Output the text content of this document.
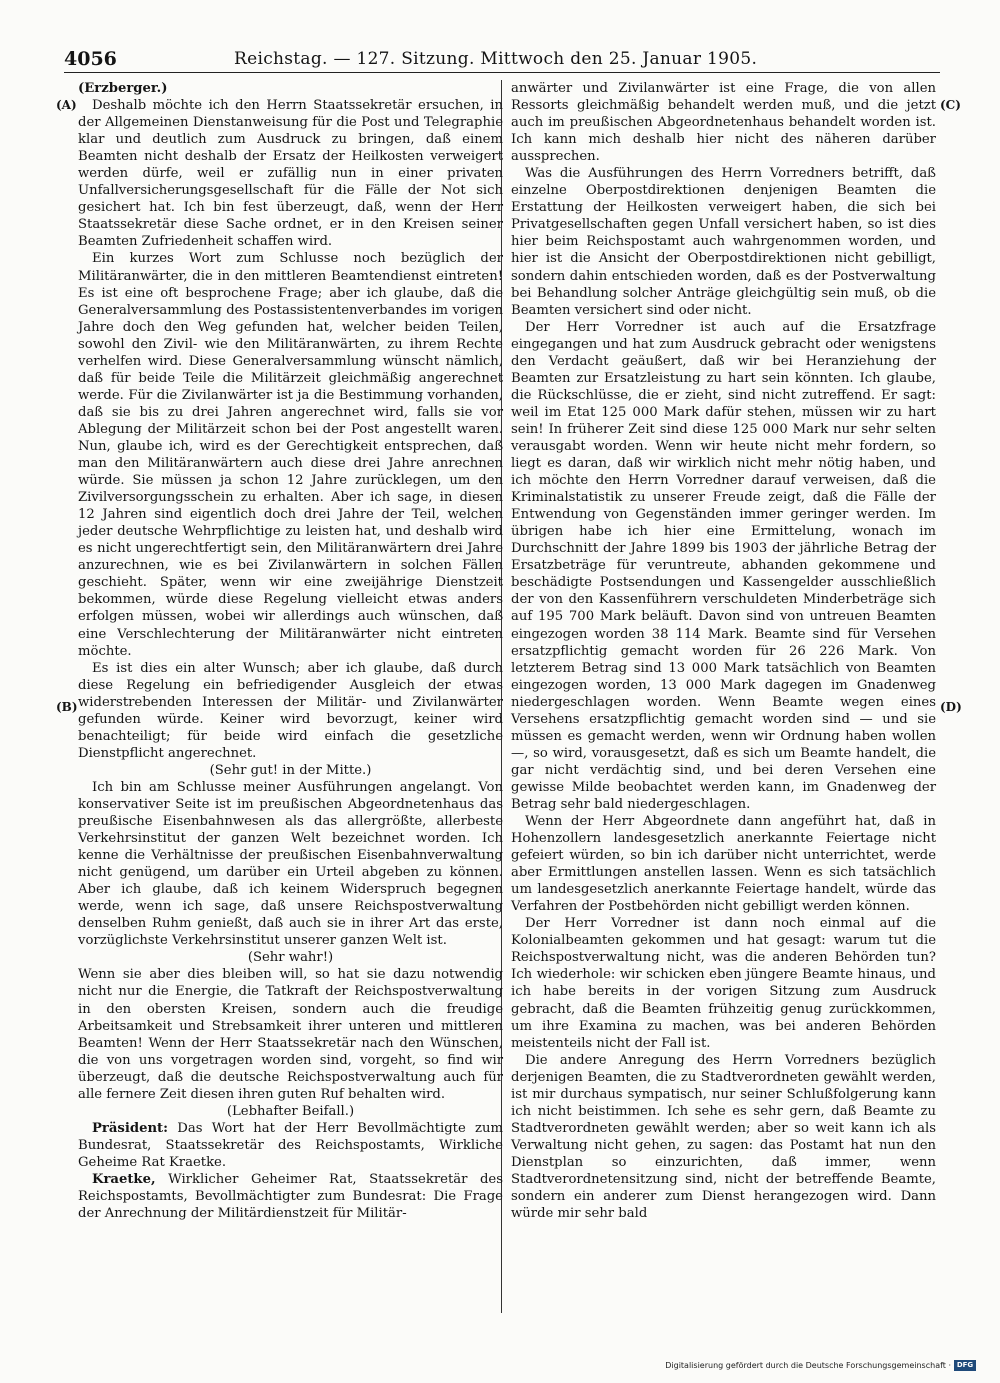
4056	Reichstag. — 127. Sitzung. Mittwoch den 25. Januar 1905.
(A)
(B)
(C)
(D)

(Erzberger.)

Deshalb möchte ich den Herrn Staatssekretär ersuchen, in der Allgemeinen Dienstanweisung für die Post und Telegraphie klar und deutlich zum Ausdruck zu bringen, daß einem Beamten nicht deshalb der Ersatz der Heilkosten verweigert werden dürfe, weil er zufällig nun in einer privaten Unfallversicherungsgesellschaft für die Fälle der Not sich gesichert hat. Ich bin fest überzeugt, daß, wenn der Herr Staatssekretär diese Sache ordnet, er in den Kreisen seiner Beamten Zufriedenheit schaffen wird.

Ein kurzes Wort zum Schlusse noch bezüglich der Militäranwärter, die in den mittleren Beamtendienst eintreten! Es ist eine oft besprochene Frage; aber ich glaube, daß die Generalversammlung des Postassistentenverbandes im vorigen Jahre doch den Weg gefunden hat, welcher beiden Teilen, sowohl den Zivil- wie den Militäranwärten, zu ihrem Rechte verhelfen wird. Diese Generalversammlung wünscht nämlich, daß für beide Teile die Militärzeit gleichmäßig angerechnet werde. Für die Zivilanwärter ist ja die Bestimmung vorhanden, daß sie bis zu drei Jahren angerechnet wird, falls sie vor Ablegung der Militärzeit schon bei der Post angestellt waren. Nun, glaube ich, wird es der Gerechtigkeit entsprechen, daß man den Militäranwärtern auch diese drei Jahre anrechnen würde. Sie müssen ja schon 12 Jahre zurücklegen, um den Zivilversorgungsschein zu erhalten. Aber ich sage, in diesen 12 Jahren sind eigentlich doch drei Jahre der Teil, welchen jeder deutsche Wehrpflichtige zu leisten hat, und deshalb wird es nicht ungerechtfertigt sein, den Militäranwärtern drei Jahre anzurechnen, wie es bei Zivilanwärtern in solchen Fällen geschieht. Später, wenn wir eine zweijährige Dienstzeit bekommen, würde diese Regelung vielleicht etwas anders erfolgen müssen, wobei wir allerdings auch wünschen, daß eine Verschlechterung der Militäranwärter nicht eintreten möchte.

Es ist dies ein alter Wunsch; aber ich glaube, daß durch diese Regelung ein befriedigender Ausgleich der etwas widerstrebenden Interessen der Militär- und Zivilanwärter gefunden würde. Keiner wird bevorzugt, keiner wird benachteiligt; für beide wird einfach die gesetzliche Dienstpflicht angerechnet.

(Sehr gut! in der Mitte.)

Ich bin am Schlusse meiner Ausführungen angelangt. Von konservativer Seite ist im preußischen Abgeordnetenhaus das preußische Eisenbahnwesen als das allergrößte, allerbeste Verkehrsinstitut der ganzen Welt bezeichnet worden. Ich kenne die Verhältnisse der preußischen Eisenbahnverwaltung nicht genügend, um darüber ein Urteil abgeben zu können. Aber ich glaube, daß ich keinem Widerspruch begegnen werde, wenn ich sage, daß unsere Reichspostverwaltung denselben Ruhm genießt, daß auch sie in ihrer Art das erste, vorzüglichste Verkehrsinstitut unserer ganzen Welt ist.

(Sehr wahr!)

Wenn sie aber dies bleiben will, so hat sie dazu notwendig nicht nur die Energie, die Tatkraft der Reichspostverwaltung in den obersten Kreisen, sondern auch die freudige Arbeitsamkeit und Strebsamkeit ihrer unteren und mittleren Beamten! Wenn der Herr Staatssekretär nach den Wünschen, die von uns vorgetragen worden sind, vorgeht, so find wir überzeugt, daß die deutsche Reichspostverwaltung auch für alle fernere Zeit diesen ihren guten Ruf behalten wird.

(Lebhafter Beifall.)

Präsident: Das Wort hat der Herr Bevollmächtigte zum Bundesrat, Staatssekretär des Reichspostamts, Wirkliche Geheime Rat Kraetke.

Kraetke, Wirklicher Geheimer Rat, Staatssekretär des Reichspostamts, Bevollmächtigter zum Bundesrat: Die Frage der Anrechnung der Militärdienstzeit für Militär-

anwärter und Zivilanwärter ist eine Frage, die von allen Ressorts gleichmäßig behandelt werden muß, und die jetzt auch im preußischen Abgeordnetenhaus behandelt worden ist. Ich kann mich deshalb hier nicht des näheren darüber aussprechen.

Was die Ausführungen des Herrn Vorredners betrifft, daß einzelne Oberpostdirektionen denjenigen Beamten die Erstattung der Heilkosten verweigert haben, die sich bei Privatgesellschaften gegen Unfall versichert haben, so ist dies hier beim Reichspostamt auch wahrgenommen worden, und hier ist die Ansicht der Oberpostdirektionen nicht gebilligt, sondern dahin entschieden worden, daß es der Postverwaltung bei Behandlung solcher Anträge gleichgültig sein muß, ob die Beamten versichert sind oder nicht.

Der Herr Vorredner ist auch auf die Ersatzfrage eingegangen und hat zum Ausdruck gebracht oder wenigstens den Verdacht geäußert, daß wir bei Heranziehung der Beamten zur Ersatzleistung zu hart sein könnten. Ich glaube, die Rückschlüsse, die er zieht, sind nicht zutreffend. Er sagt: weil im Etat 125 000 Mark dafür stehen, müssen wir zu hart sein! In früherer Zeit sind diese 125 000 Mark nur sehr selten verausgabt worden. Wenn wir heute nicht mehr fordern, so liegt es daran, daß wir wirklich nicht mehr nötig haben, und ich möchte den Herrn Vorredner darauf verweisen, daß die Kriminalstatistik zu unserer Freude zeigt, daß die Fälle der Entwendung von Gegenständen immer geringer werden. Im übrigen habe ich hier eine Ermittelung, wonach im Durchschnitt der Jahre 1899 bis 1903 der jährliche Betrag der Ersatzbeträge für veruntreute, abhanden gekommene und beschädigte Postsendungen und Kassengelder ausschließlich der von den Kassenführern verschuldeten Minderbeträge sich auf 195 700 Mark beläuft. Davon sind von untreuen Beamten eingezogen worden 38 114 Mark. Beamte sind für Versehen ersatzpflichtig gemacht worden für 26 226 Mark. Von letzterem Betrag sind 13 000 Mark tatsächlich von Beamten eingezogen worden, 13 000 Mark dagegen im Gnadenweg niedergeschlagen worden. Wenn Beamte wegen eines Versehens ersatzpflichtig gemacht worden sind — und sie müssen es gemacht werden, wenn wir Ordnung haben wollen —, so wird, vorausgesetzt, daß es sich um Beamte handelt, die gar nicht verdächtig sind, und bei deren Versehen eine gewisse Milde beobachtet werden kann, im Gnadenweg der Betrag sehr bald niedergeschlagen.

Wenn der Herr Abgeordnete dann angeführt hat, daß in Hohenzollern landesgesetzlich anerkannte Feiertage nicht gefeiert würden, so bin ich darüber nicht unterrichtet, werde aber Ermittlungen anstellen lassen. Wenn es sich tatsächlich um landesgesetzlich anerkannte Feiertage handelt, würde das Verfahren der Postbehörden nicht gebilligt werden können.

Der Herr Vorredner ist dann noch einmal auf die Kolonialbeamten gekommen und hat gesagt: warum tut die Reichspostverwaltung nicht, was die anderen Behörden tun? Ich wiederhole: wir schicken eben jüngere Beamte hinaus, und ich habe bereits in der vorigen Sitzung zum Ausdruck gebracht, daß die Beamten frühzeitig genug zurückkommen, um ihre Examina zu machen, was bei anderen Behörden meistenteils nicht der Fall ist.

Die andere Anregung des Herrn Vorredners bezüglich derjenigen Beamten, die zu Stadtverordneten gewählt werden, ist mir durchaus sympatisch, nur seiner Schlußfolgerung kann ich nicht beistimmen. Ich sehe es sehr gern, daß Beamte zu Stadtverordneten gewählt werden; aber so weit kann ich als Verwaltung nicht gehen, zu sagen: das Postamt hat nun den Dienstplan so einzurichten, daß immer, wenn Stadtverordnetensitzung sind, nicht der betreffende Beamte, sondern ein anderer zum Dienst herangezogen wird. Dann würde mir sehr bald

Digitalisierung gefördert durch die Deutsche Forschungsgemeinschaft · DFG
